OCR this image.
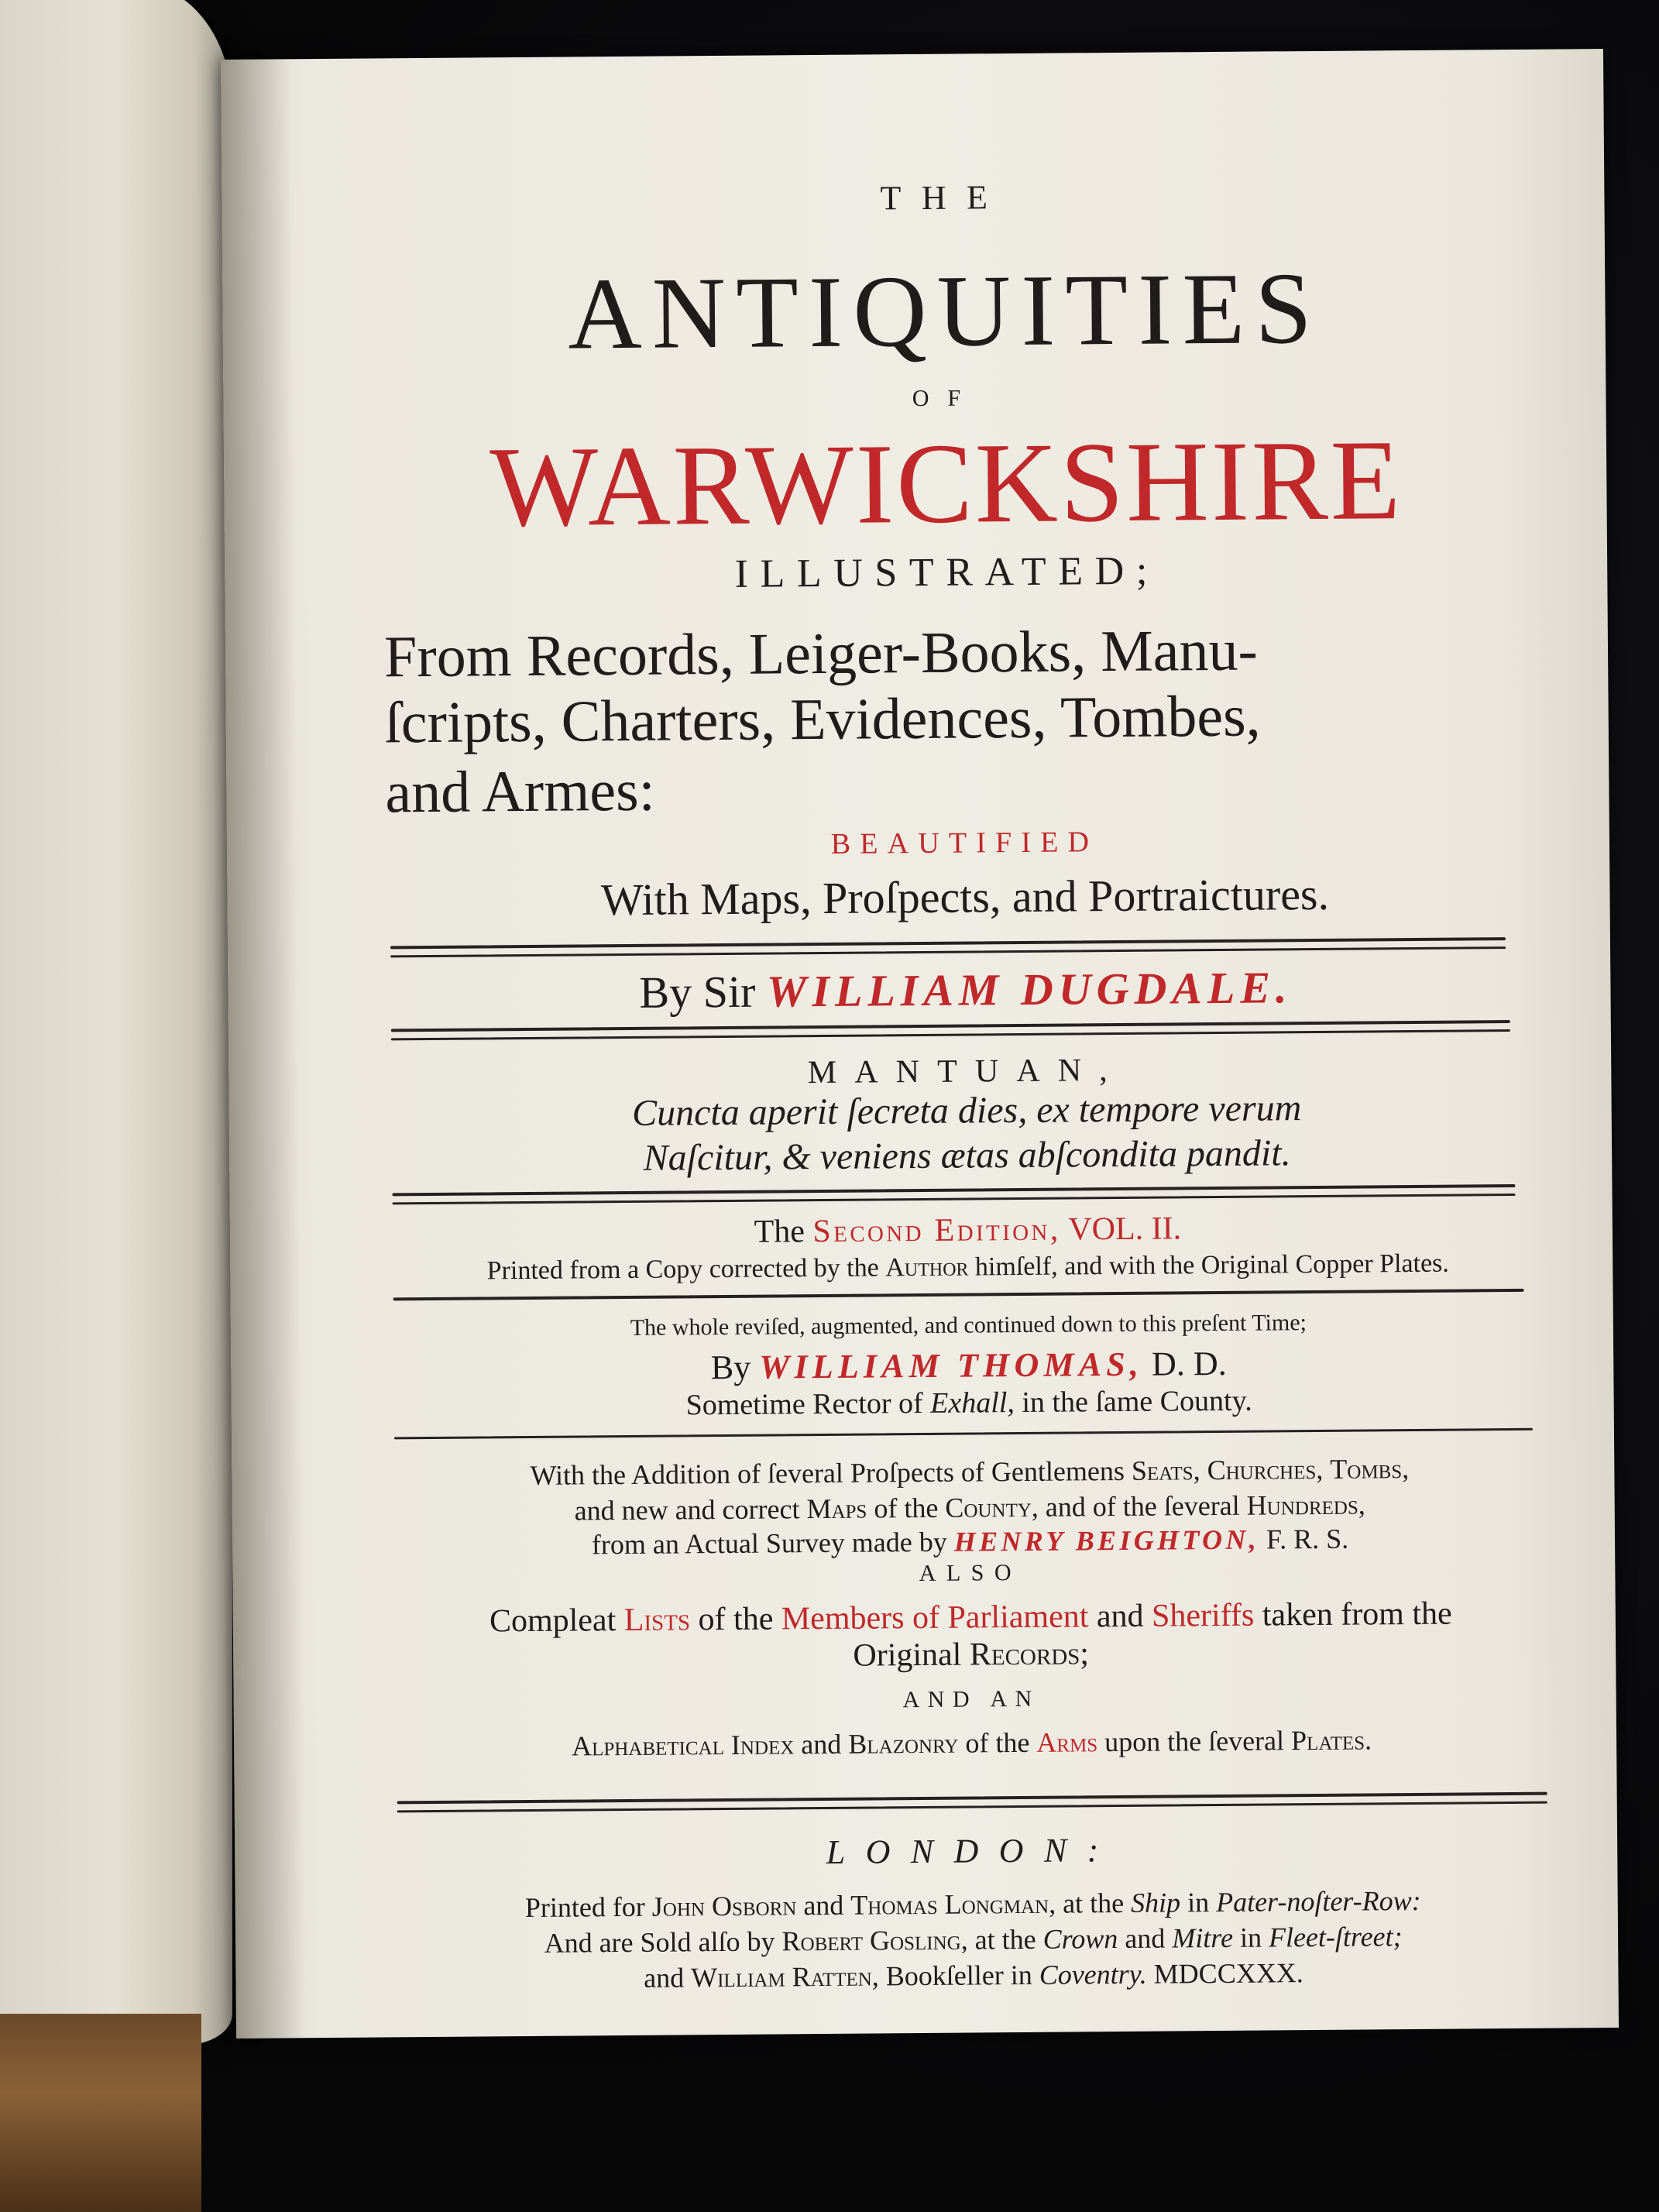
THE
ANTIQUITIES
OF
WARWICKSHIRE
ILLUSTRATED;
From Records, Leiger-Books, Manu-
ſcripts, Charters, Evidences, Tombes,
and Armes:
BEAUTIFIED
With Maps, Proſpects, and Portraictures.
By Sir WILLIAM DUGDALE.
MANTUAN,
Cuncta aperit ſecreta dies, ex tempore verum
Naſcitur, & veniens ætas abſcondita pandit.
The Second Edition, VOL. II.
Printed from a Copy corrected by the Author himſelf, and with the Original Copper Plates.
The whole reviſed, augmented, and continued down to this preſent Time;
By WILLIAM THOMAS, D. D.
Sometime Rector of Exhall, in the ſame County.
With the Addition of ſeveral Proſpects of Gentlemens Seats, Churches, Tombs,
and new and correct Maps of the County, and of the ſeveral Hundreds,
from an Actual Survey made by HENRY BEIGHTON, F. R. S.
ALSO
Compleat Lists of the Members of Parliament and Sheriffs taken from the
Original Records;
AND AN
Alphabetical Index and Blazonry of the Arms upon the ſeveral Plates.
LONDON:
Printed for John Osborn and Thomas Longman, at the Ship in Pater-noſter-Row:
And are Sold alſo by Robert Gosling, at the Crown and Mitre in Fleet-ſtreet;
and William Ratten, Bookſeller in Coventry. MDCCXXX.
